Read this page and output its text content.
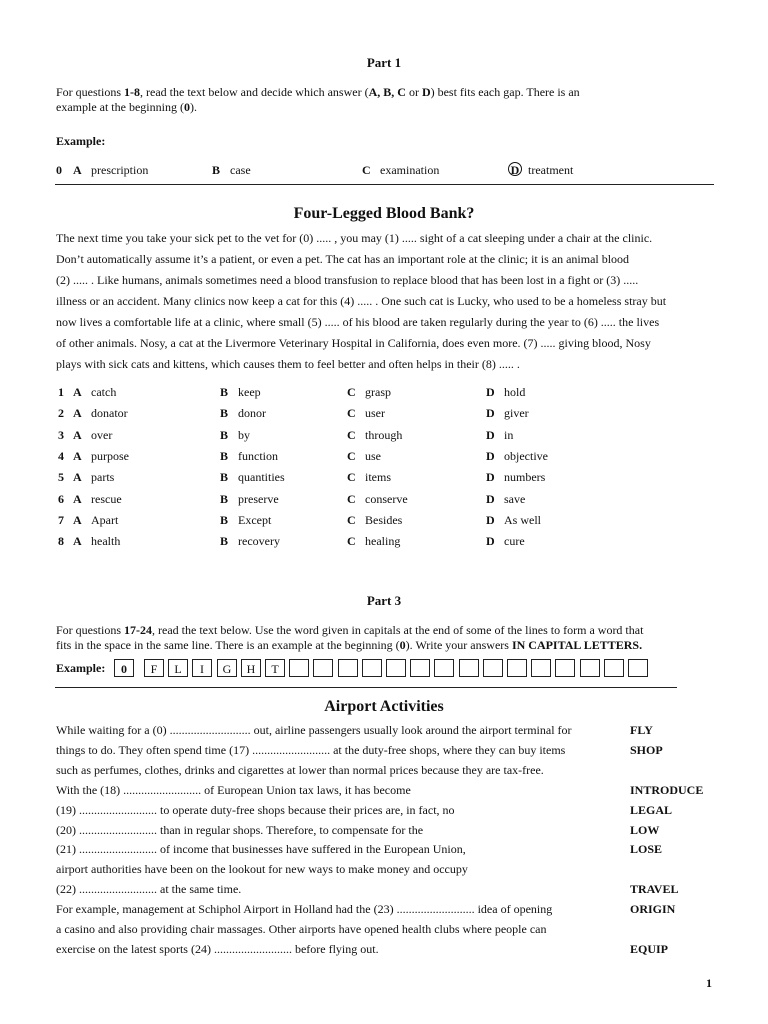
Part 1
For questions 1-8, read the text below and decide which answer (A, B, C or D) best fits each gap. There is an
example at the beginning (0).
Example:
0 A prescription	B case	C examination	D treatment
Four-Legged Blood Bank?
The next time you take your sick pet to the vet for (0) ..... , you may (1) ..... sight of a cat sleeping under a chair at the clinic.
Don’t automatically assume it’s a patient, or even a pet. The cat has an important role at the clinic; it is an animal blood
(2) ..... . Like humans, animals sometimes need a blood transfusion to replace blood that has been lost in a fight or (3) .....
illness or an accident. Many clinics now keep a cat for this (4) ..... . One such cat is Lucky, who used to be a homeless stray but
now lives a comfortable life at a clinic, where small (5) ..... of his blood are taken regularly during the year to (6) ..... the lives
of other animals. Nosy, a cat at the Livermore Veterinary Hospital in California, does even more. (7) ..... giving blood, Nosy
plays with sick cats and kittens, which causes them to feel better and often helps in their (8) ..... .
1 A catch	B keep	C grasp	D hold
2 A donator	B donor	C user	D giver
3 A over	B by	C through	D in
4 A purpose	B function	C use	D objective
5 A parts	B quantities	C items	D numbers
6 A rescue	B preserve	C conserve	D save
7 A Apart	B Except	C Besides	D As well
8 A health	B recovery	C healing	D cure
Part 3
For questions 17-24, read the text below. Use the word given in capitals at the end of some of the lines to form a word that
fits in the space in the same line. There is an example at the beginning (0). Write your answers IN CAPITAL LETTERS.
Example:	0	F	L	I	G	H	T
Airport Activities
While waiting for a (0) ........................... out, airline passengers usually look around the airport terminal for	FLY
things to do. They often spend time (17) .......................... at the duty-free shops, where they can buy items	SHOP
such as perfumes, clothes, drinks and cigarettes at lower than normal prices because they are tax-free.
With the (18) .......................... of European Union tax laws, it has become	INTRODUCE
(19) .......................... to operate duty-free shops because their prices are, in fact, no	LEGAL
(20) .......................... than in regular shops. Therefore, to compensate for the	LOW
(21) .......................... of income that businesses have suffered in the European Union,	LOSE
airport authorities have been on the lookout for new ways to make money and occupy
(22) .......................... at the same time.	TRAVEL
For example, management at Schiphol Airport in Holland had the (23) .......................... idea of opening	ORIGIN
a casino and also providing chair massages. Other airports have opened health clubs where people can
exercise on the latest sports (24) .......................... before flying out.	EQUIP
1
